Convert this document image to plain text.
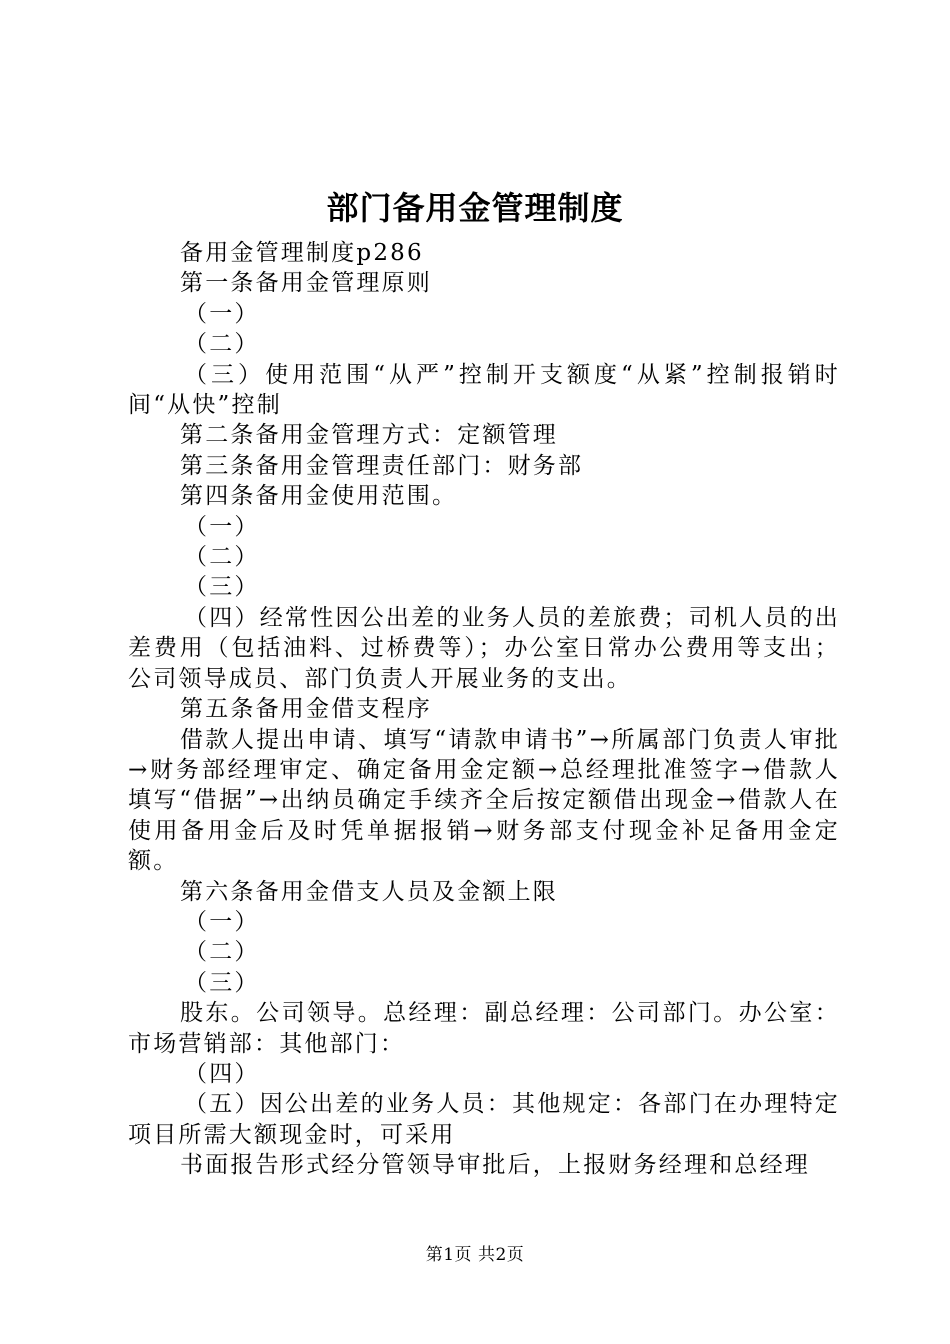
部门备用金管理制度

备用金管理制度p286

第一条备用金管理原则

（一）

（二）

（三）使用范围“从严”控制开支额度“从紧”控制报销时间“从快”控制

第二条备用金管理方式：定额管理

第三条备用金管理责任部门：财务部

第四条备用金使用范围。

（一）

（二）

（三）

（四）经常性因公出差的业务人员的差旅费；司机人员的出差费用（包括油料、过桥费等）；办公室日常办公费用等支出；公司领导成员、部门负责人开展业务的支出。

第五条备用金借支程序

借款人提出申请、填写“请款申请书”→所属部门负责人审批→财务部经理审定、确定备用金定额→总经理批准签字→借款人填写“借据”→出纳员确定手续齐全后按定额借出现金→借款人在使用备用金后及时凭单据报销→财务部支付现金补足备用金定额。

第六条备用金借支人员及金额上限

（一）

（二）

（三）

股东。公司领导。总经理：副总经理：公司部门。办公室：市场营销部：其他部门：

（四）

（五）因公出差的业务人员：其他规定：各部门在办理特定项目所需大额现金时，可采用

书面报告形式经分管领导审批后，上报财务经理和总经理

第1页 共2页
